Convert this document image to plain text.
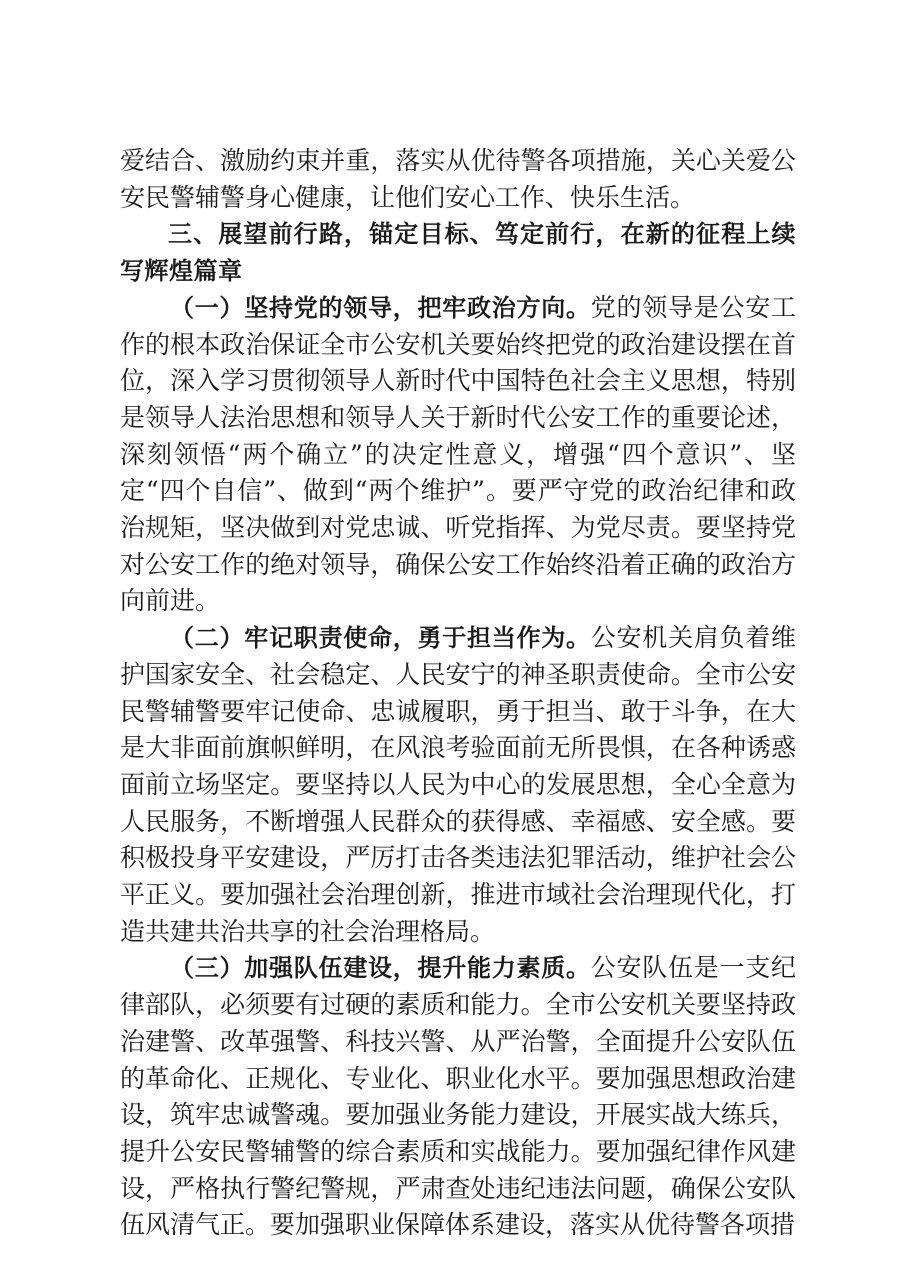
爱结合、激励约束并重，落实从优待警各项措施，关心关爱公安民警辅警身心健康，让他们安心工作、快乐生活。

三、展望前行路，锚定目标、笃定前行，在新的征程上续写辉煌篇章

（一）坚持党的领导，把牢政治方向。党的领导是公安工作的根本政治保证全市公安机关要始终把党的政治建设摆在首位，深入学习贯彻领导人新时代中国特色社会主义思想，特别是领导人法治思想和领导人关于新时代公安工作的重要论述，深刻领悟“两个确立”的决定性意义，增强“四个意识”、坚定“四个自信”、做到“两个维护”。要严守党的政治纪律和政治规矩，坚决做到对党忠诚、听党指挥、为党尽责。要坚持党对公安工作的绝对领导，确保公安工作始终沿着正确的政治方向前进。

（二）牢记职责使命，勇于担当作为。公安机关肩负着维护国家安全、社会稳定、人民安宁的神圣职责使命。全市公安民警辅警要牢记使命、忠诚履职，勇于担当、敢于斗争，在大是大非面前旗帜鲜明，在风浪考验面前无所畏惧，在各种诱惑面前立场坚定。要坚持以人民为中心的发展思想，全心全意为人民服务，不断增强人民群众的获得感、幸福感、安全感。要积极投身平安建设，严厉打击各类违法犯罪活动，维护社会公平正义。要加强社会治理创新，推进市域社会治理现代化，打造共建共治共享的社会治理格局。

（三）加强队伍建设，提升能力素质。公安队伍是一支纪律部队，必须要有过硬的素质和能力。全市公安机关要坚持政治建警、改革强警、科技兴警、从严治警，全面提升公安队伍的革命化、正规化、专业化、职业化水平。要加强思想政治建设，筑牢忠诚警魂。要加强业务能力建设，开展实战大练兵，提升公安民警辅警的综合素质和实战能力。要加强纪律作风建设，严格执行警纪警规，严肃查处违纪违法问题，确保公安队伍风清气正。要加强职业保障体系建设，落实从优待警各项措
